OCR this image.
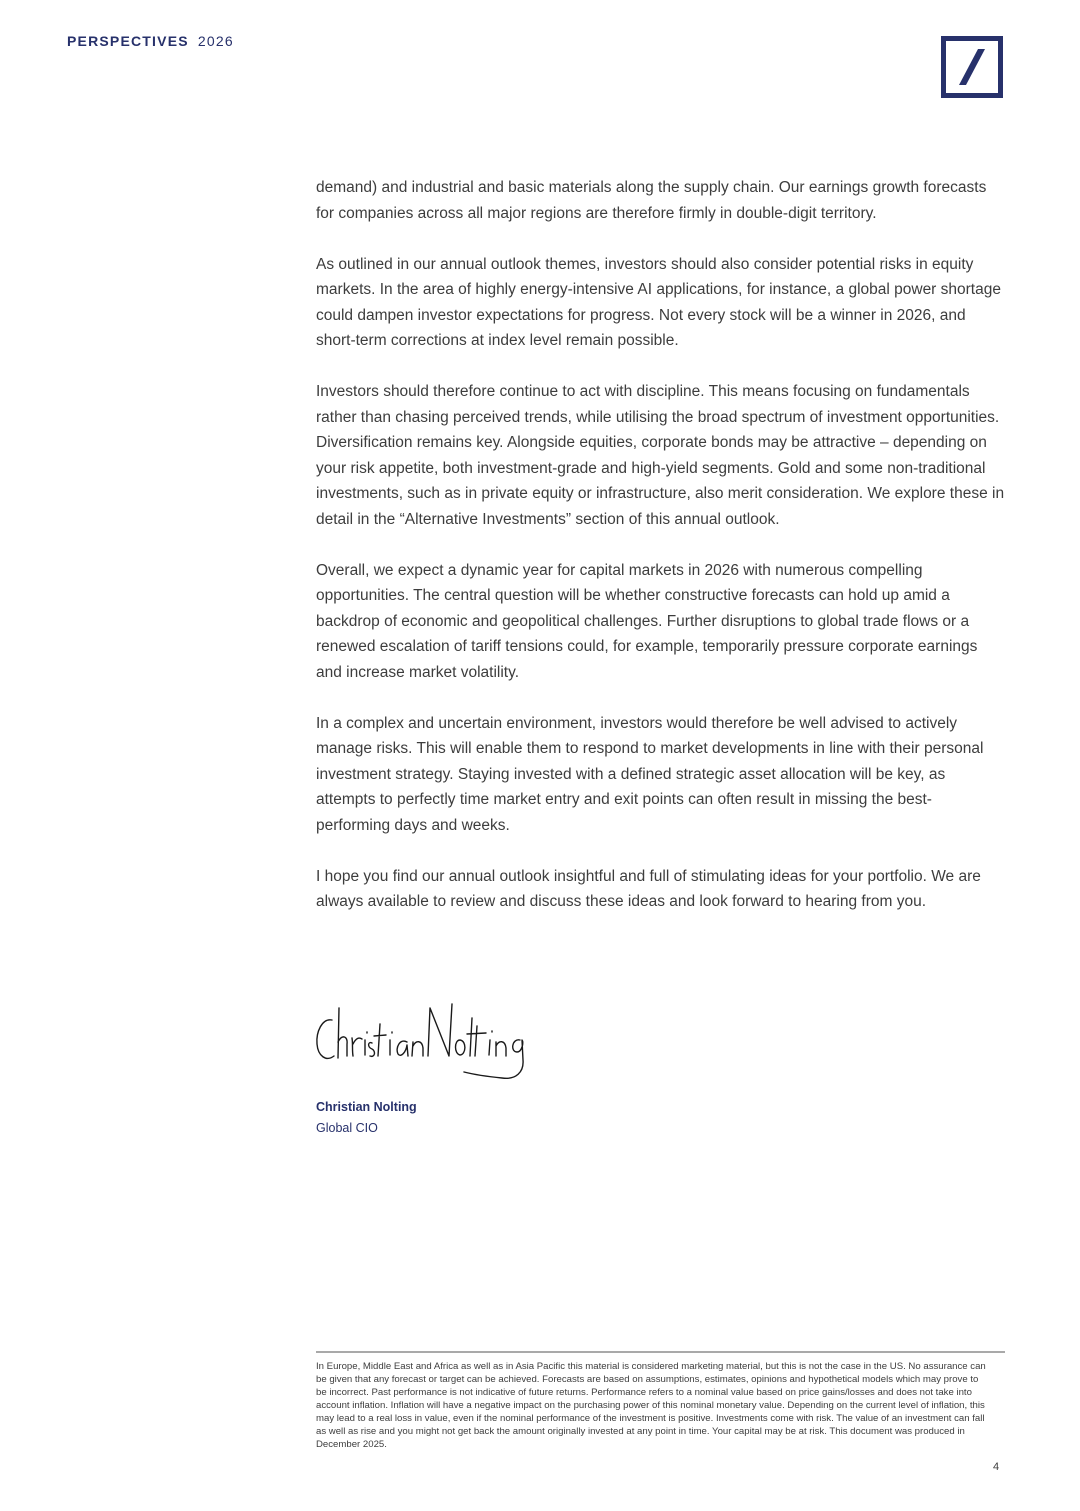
PERSPECTIVES 2026

demand) and industrial and basic materials along the supply chain. Our earnings growth forecasts for companies across all major regions are therefore firmly in double-digit territory.

As outlined in our annual outlook themes, investors should also consider potential risks in equity markets. In the area of highly energy-intensive AI applications, for instance, a global power shortage could dampen investor expectations for progress. Not every stock will be a winner in 2026, and short-term corrections at index level remain possible.

Investors should therefore continue to act with discipline. This means focusing on fundamentals rather than chasing perceived trends, while utilising the broad spectrum of investment opportunities. Diversification remains key. Alongside equities, corporate bonds may be attractive – depending on your risk appetite, both investment-grade and high-yield segments. Gold and some non-traditional investments, such as in private equity or infrastructure, also merit consideration. We explore these in detail in the “Alternative Investments” section of this annual outlook.

Overall, we expect a dynamic year for capital markets in 2026 with numerous compelling opportunities. The central question will be whether constructive forecasts can hold up amid a backdrop of economic and geopolitical challenges. Further disruptions to global trade flows or a renewed escalation of tariff tensions could, for example, temporarily pressure corporate earnings and increase market volatility.

In a complex and uncertain environment, investors would therefore be well advised to actively manage risks. This will enable them to respond to market developments in line with their personal investment strategy. Staying invested with a defined strategic asset allocation will be key, as attempts to perfectly time market entry and exit points can often result in missing the best-performing days and weeks.

I hope you find our annual outlook insightful and full of stimulating ideas for your portfolio. We are always available to review and discuss these ideas and look forward to hearing from you.

Christian Nolting
Global CIO
In Europe, Middle East and Africa as well as in Asia Pacific this material is considered marketing material, but this is not the case in the US. No assurance can be given that any forecast or target can be achieved. Forecasts are based on assumptions, estimates, opinions and hypothetical models which may prove to be incorrect. Past performance is not indicative of future returns. Performance refers to a nominal value based on price gains/losses and does not take into account inflation. Inflation will have a negative impact on the purchasing power of this nominal monetary value. Depending on the current level of inflation, this may lead to a real loss in value, even if the nominal performance of the investment is positive. Investments come with risk. The value of an investment can fall as well as rise and you might not get back the amount originally invested at any point in time. Your capital may be at risk. This document was produced in December 2025.
4
